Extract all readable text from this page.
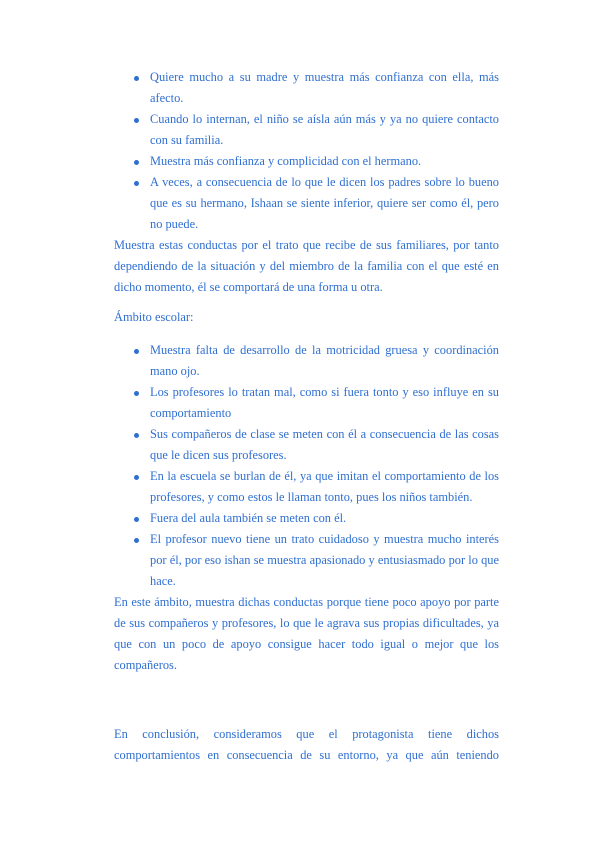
Quiere mucho a su madre y muestra más confianza con ella, más afecto.
Cuando lo internan, el niño se aísla aún más y ya no quiere contacto con su familia.
Muestra más confianza y complicidad con el hermano.
A veces, a consecuencia de lo que le dicen los padres sobre lo bueno que es su hermano, Ishaan se siente inferior, quiere ser como él, pero no puede.

Muestra estas conductas por el trato que recibe de sus familiares, por tanto dependiendo de la situación y del miembro de la familia con el que esté en dicho momento, él se comportará de una forma u otra.

Ámbito escolar:

Muestra falta de desarrollo de la motricidad gruesa y coordinación mano ojo.
Los profesores lo tratan mal, como si fuera tonto y eso influye en su comportamiento
Sus compañeros de clase se meten con él a consecuencia de las cosas que le dicen sus profesores.
En la escuela se burlan de él, ya que imitan el comportamiento de los profesores, y como estos le llaman tonto, pues los niños también.
Fuera del aula también se meten con él.
El profesor nuevo tiene un trato cuidadoso y muestra mucho interés por él, por eso ishan se muestra apasionado y entusiasmado por lo que hace.

En este ámbito, muestra dichas conductas porque tiene poco apoyo por parte de sus compañeros y profesores, lo que le agrava sus propias dificultades, ya que con un poco de apoyo consigue hacer todo igual o mejor que los compañeros.

En conclusión, consideramos que el protagonista tiene dichos comportamientos en consecuencia de su entorno, ya que aún teniendo
